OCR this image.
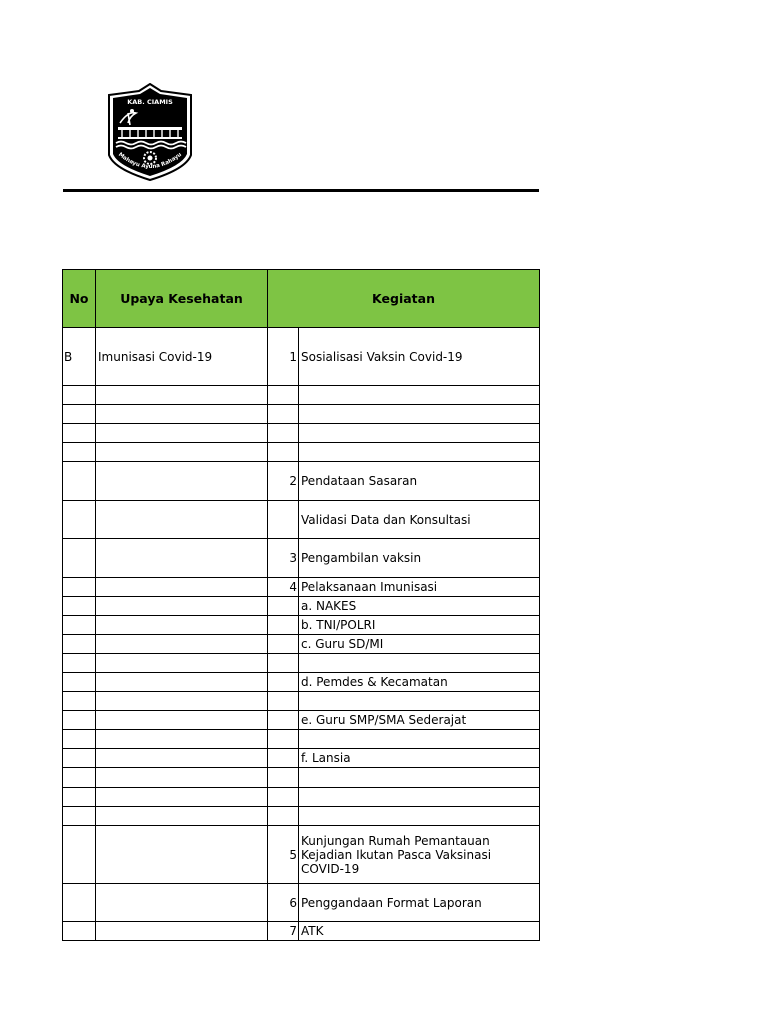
KAB. CIAMIS
Mahayu Ayuna Rahayu
No	Upaya Kesehatan	Kegiatan	
B	Imunisasi Covid-19	1	Sosialisasi Vaksin Covid-19

		2	Pendataan Sasaran
			Validasi Data dan Konsultasi
		3	Pengambilan vaksin
		4	Pelaksanaan Imunisasi
			a. NAKES
			b. TNI/POLRI
			c. Guru SD/MI

			d. Pemdes & Kecamatan

			e. Guru SMP/SMA Sederajat

			f. Lansia

		5	Kunjungan Rumah Pemantauan Kejadian Ikutan Pasca Vaksinasi COVID-19
		6	Penggandaan Format Laporan
		7	ATK
